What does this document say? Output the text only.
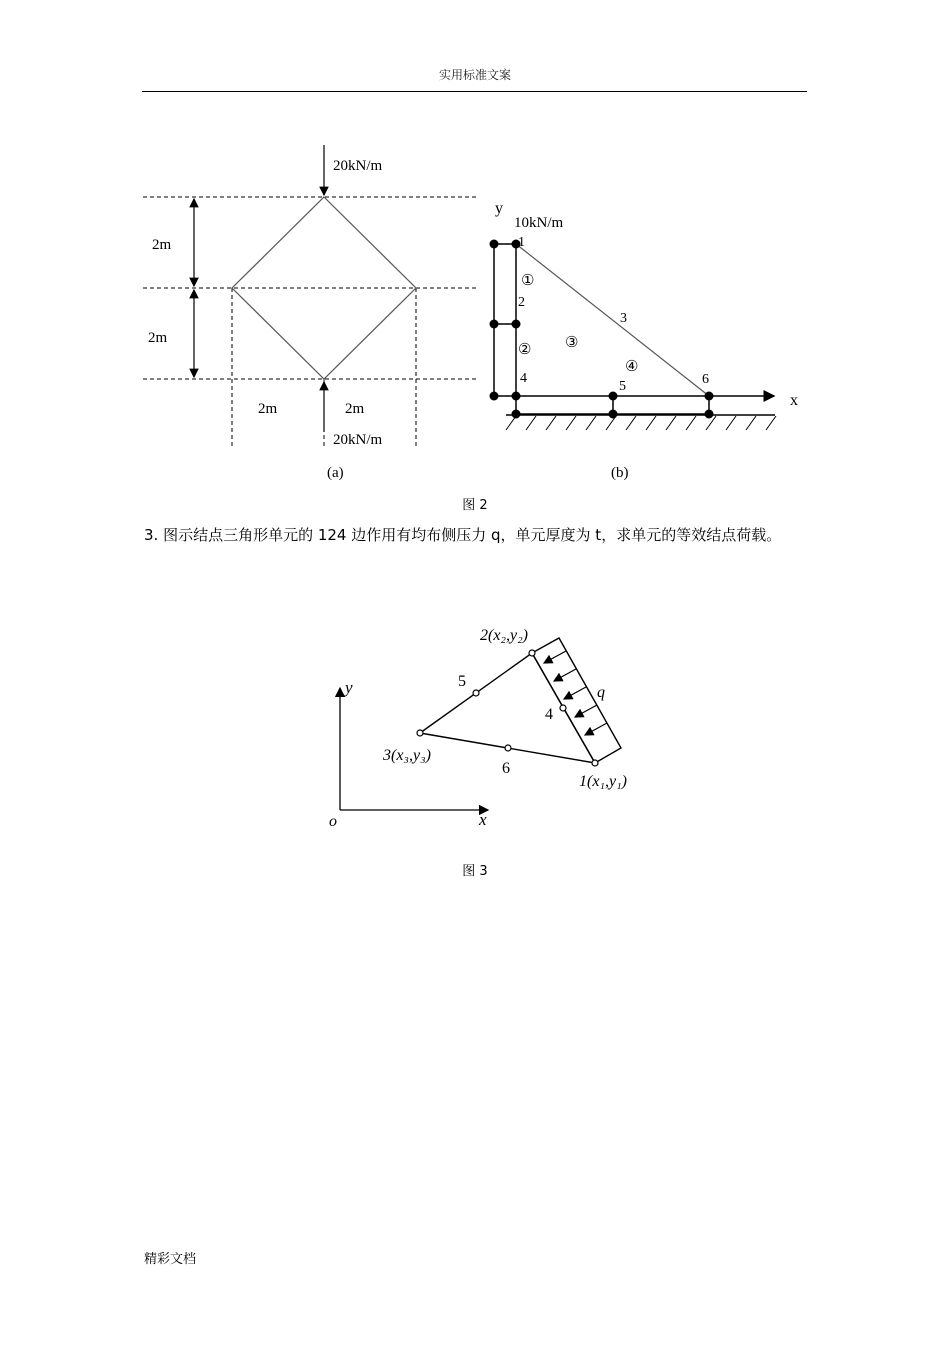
实用标准文案
20kN/m
2m
2m
2m	2m
20kN/m
(a)
y
10kN/m
1
2
3
4
5	6
①
② ③
④
x
(b)
图 2
3. 图示结点三角形单元的 124 边作用有均布侧压力 q，单元厚度为 t，求单元的等效结点荷载。
2(x₂,y₂)
5
y	q
4
3(x₃,y₃)
6
1(x₁,y₁)
o	x
图 3
精彩文档
